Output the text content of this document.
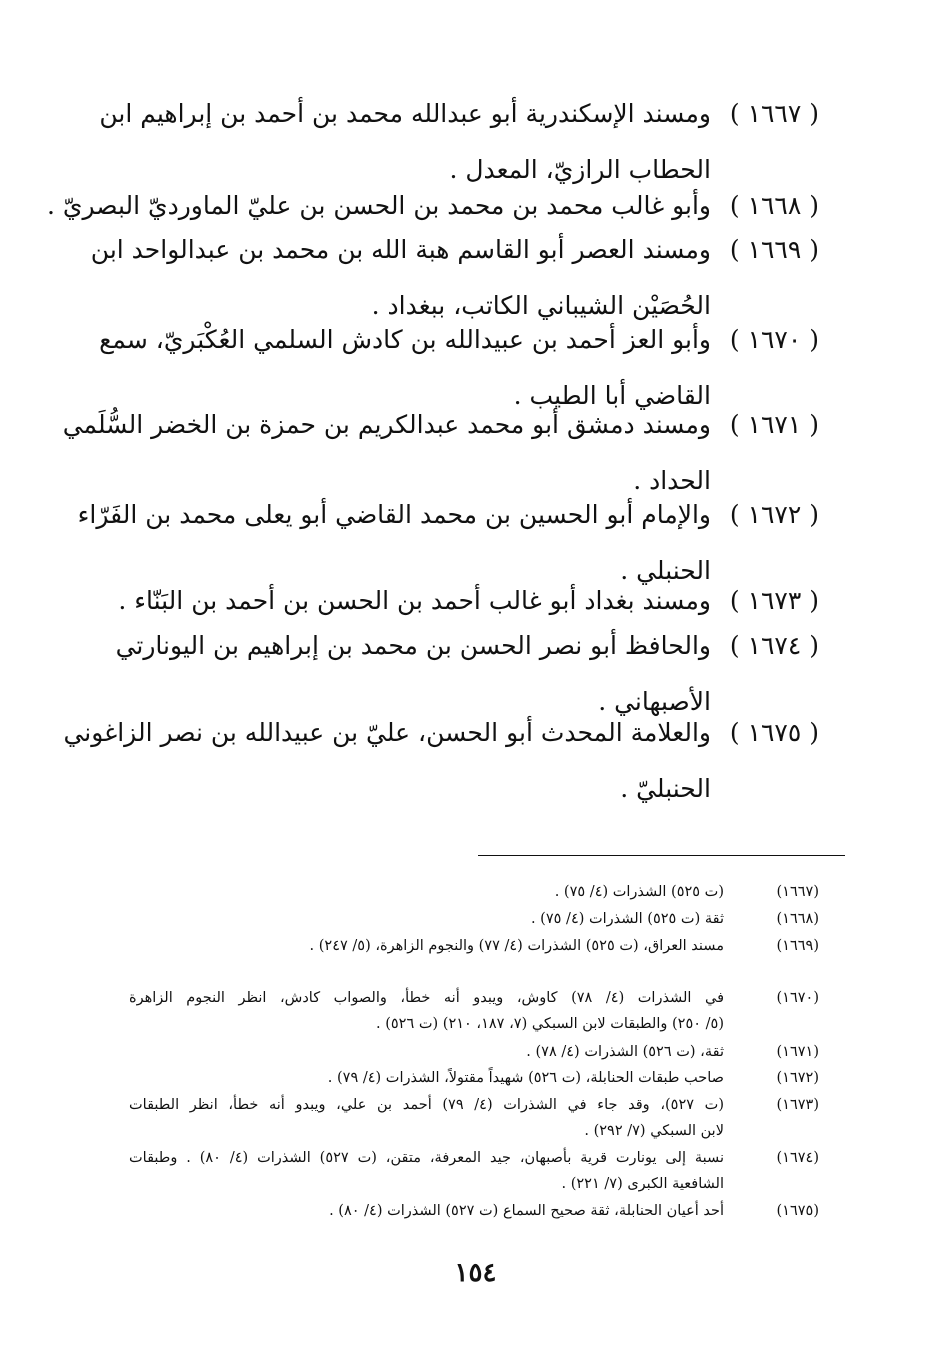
( ١٦٦٧ )
ومسند الإسكندرية أبو عبدالله محمد بن أحمد بن إبراهيم ابن
الحطاب الرازيّ، المعدل .
( ١٦٦٨ )
وأبو غالب محمد بن محمد بن الحسن بن عليّ الماورديّ البصريّ .
( ١٦٦٩ )
ومسند العصر أبو القاسم هبة الله بن محمد بن عبدالواحد ابن
الحُصَيْن الشيباني الكاتب، ببغداد .
( ١٦٧٠ )
وأبو العز أحمد بن عبيدالله بن كادش السلمي العُكْبَريّ، سمع
القاضي أبا الطيب .
( ١٦٧١ )
ومسند دمشق أبو محمد عبدالكريم بن حمزة بن الخضر السُّلَمي
الحداد .
( ١٦٧٢ )
والإمام أبو الحسين بن محمد القاضي أبو يعلى محمد بن الفَرّاء
الحنبلي .
( ١٦٧٣ )
ومسند بغداد أبو غالب أحمد بن الحسن بن أحمد بن البَنّاء .
( ١٦٧٤ )
والحافظ أبو نصر الحسن بن محمد بن إبراهيم بن اليونارتي
الأصبهاني .
( ١٦٧٥ )
والعلامة المحدث أبو الحسن، عليّ بن عبيدالله بن نصر الزاغوني
الحنبليّ .
(١٦٦٧)
(ت ٥٢٥) الشذرات (٤/ ٧٥) .
(١٦٦٨)
ثقة (ت ٥٢٥) الشذرات (٤/ ٧٥) .
(١٦٦٩)
مسند العراق، (ت ٥٢٥) الشذرات (٤/ ٧٧) والنجوم الزاهرة، (٥/ ٢٤٧) .
(١٦٧٠)
في الشذرات (٤/ ٧٨) كاوش، ويبدو أنه خطأ، والصواب كادش، انظر النجوم الزاهرة
(٥/ ٢٥٠) والطبقات لابن السبكي (٧، ١٨٧، ٢١٠) (ت ٥٢٦) .
(١٦٧١)
ثقة، (ت ٥٢٦) الشذرات (٤/ ٧٨) .
(١٦٧٢)
صاحب طبقات الحنابلة، (ت ٥٢٦) شهيداً مقتولاً، الشذرات (٤/ ٧٩) .
(١٦٧٣)
(ت ٥٢٧)، وقد جاء في الشذرات (٤/ ٧٩) أحمد بن علي، ويبدو أنه خطأ، انظر الطبقات
لابن السبكي (٧/ ٢٩٢) .
(١٦٧٤)
نسبة إلى يونارت قرية بأصبهان، جيد المعرفة، متقن، (ت ٥٢٧) الشذرات (٤/ ٨٠) . وطبقات
الشافعية الكبرى (٧/ ٢٢١) .
(١٦٧٥)
أحد أعيان الحنابلة، ثقة صحيح السماع (ت ٥٢٧) الشذرات (٤/ ٨٠) .
١٥٤
